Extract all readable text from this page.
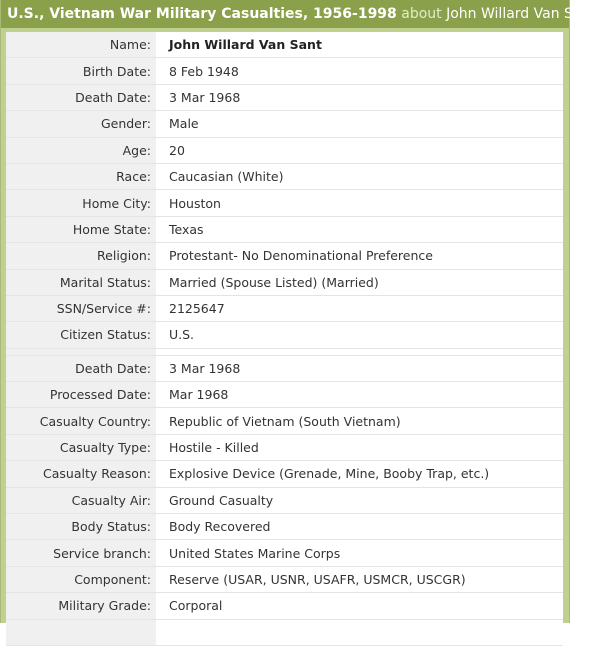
U.S., Vietnam War Military Casualties, 1956-1998 about John Willard Van Sant
Name:	John Willard Van Sant
Birth Date:	8 Feb 1948
Death Date:	3 Mar 1968
Gender:	Male
Age:	20
Race:	Caucasian (White)
Home City:	Houston
Home State:	Texas
Religion:	Protestant- No Denominational Preference
Marital Status:	Married (Spouse Listed) (Married)
SSN/Service #:	2125647
Citizen Status:	U.S.

Death Date:	3 Mar 1968
Processed Date:	Mar 1968
Casualty Country:	Republic of Vietnam (South Vietnam)
Casualty Type:	Hostile - Killed
Casualty Reason:	Explosive Device (Grenade, Mine, Booby Trap, etc.)
Casualty Air:	Ground Casualty
Body Status:	Body Recovered
Service branch:	United States Marine Corps
Component:	Reserve (USAR, USNR, USAFR, USMCR, USCGR)
Military Grade:	Corporal
